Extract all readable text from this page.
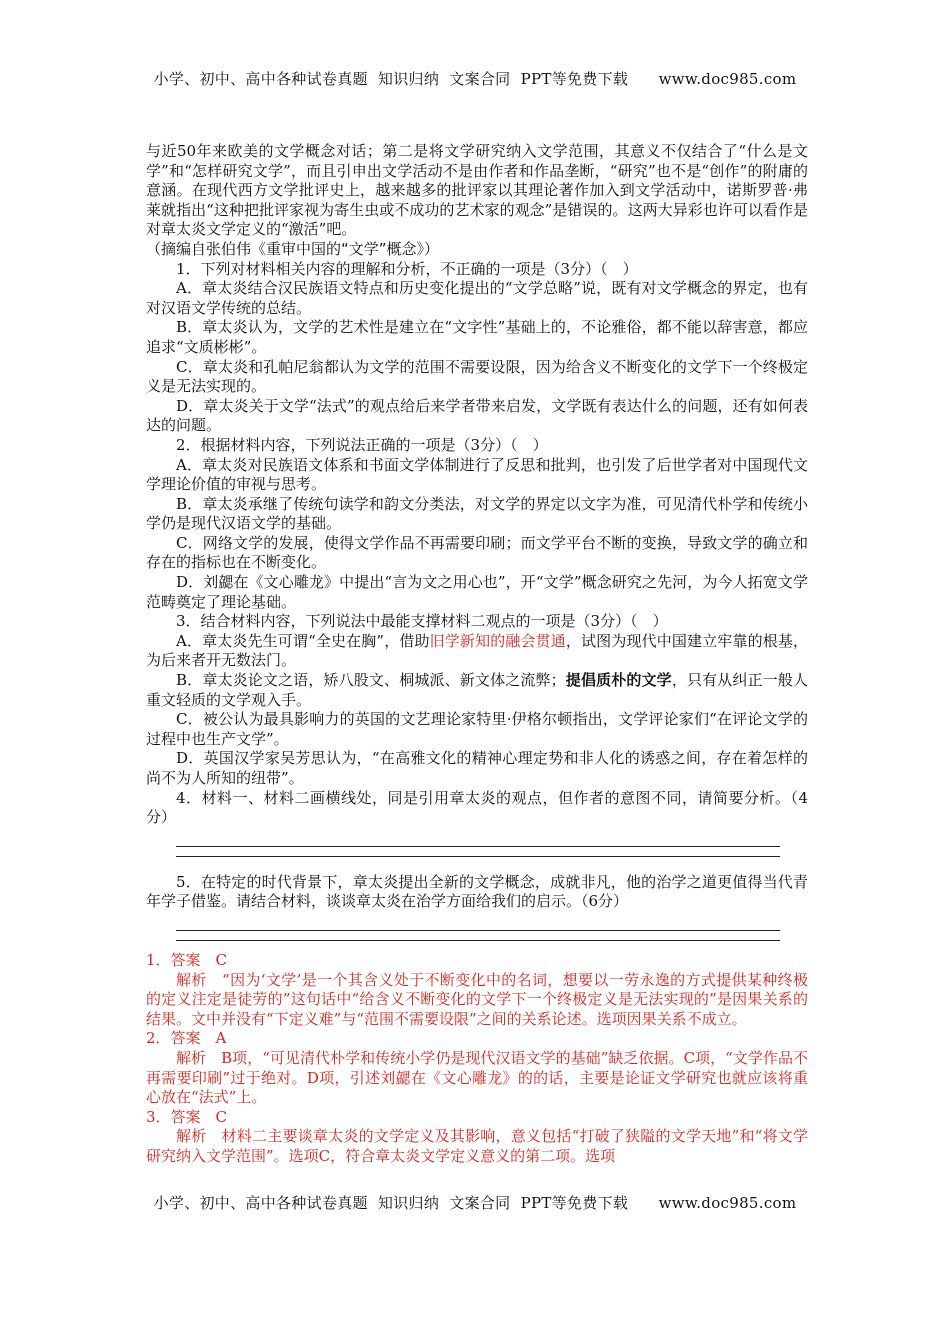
小学、初中、高中各种试卷真题  知识归纳  文案合同  PPT等免费下载      www.doc985.com

与近50年来欧美的文学概念对话；第二是将文学研究纳入文学范围，其意义不仅结合了“什么是文学”和“怎样研究文学”，而且引申出文学活动不是由作者和作品垄断，“研究”也不是“创作”的附庸的意涵。在现代西方文学批评史上，越来越多的批评家以其理论著作加入到文学活动中，诺斯罗普·弗莱就指出“这种把批评家视为寄生虫或不成功的艺术家的观念”是错误的。这两大异彩也许可以看作是对章太炎文学定义的“激活”吧。

（摘编自张伯伟《重审中国的“文学”概念》）

1．下列对材料相关内容的理解和分析，不正确的一项是（3分）（　）

A．章太炎结合汉民族语文特点和历史变化提出的“文学总略”说，既有对文学概念的界定，也有对汉语文学传统的总结。

B．章太炎认为，文学的艺术性是建立在“文字性”基础上的，不论雅俗，都不能以辞害意，都应追求“文质彬彬”。

C．章太炎和孔帕尼翁都认为文学的范围不需要设限，因为给含义不断变化的文学下一个终极定义是无法实现的。

D．章太炎关于文学“法式”的观点给后来学者带来启发，文学既有表达什么的问题，还有如何表达的问题。

2．根据材料内容，下列说法正确的一项是（3分）（　）

A．章太炎对民族语文体系和书面文学体制进行了反思和批判，也引发了后世学者对中国现代文学理论价值的审视与思考。

B．章太炎承继了传统句读学和韵文分类法，对文学的界定以文字为准，可见清代朴学和传统小学仍是现代汉语文学的基础。

C．网络文学的发展，使得文学作品不再需要印刷；而文学平台不断的变换，导致文学的确立和存在的指标也在不断变化。

D．刘勰在《文心雕龙》中提出“言为文之用心也”，开“文学”概念研究之先河，为今人拓宽文学范畴奠定了理论基础。

3．结合材料内容，下列说法中最能支撑材料二观点的一项是（3分）（　）

A．章太炎先生可谓“全史在胸”，借助旧学新知的融会贯通，试图为现代中国建立牢靠的根基，为后来者开无数法门。

B．章太炎论文之语，矫八股文、桐城派、新文体之流弊；提倡质朴的文学，只有从纠正一般人重文轻质的文学观入手。

C．被公认为最具影响力的英国的文艺理论家特里·伊格尔顿指出，文学评论家们“在评论文学的过程中也生产文学”。

D．英国汉学家吴芳思认为，“在高雅文化的精神心理定势和非人化的诱惑之间，存在着怎样的尚不为人所知的纽带”。

4．材料一、材料二画横线处，同是引用章太炎的观点，但作者的意图不同，请简要分析。（4分）

5．在特定的时代背景下，章太炎提出全新的文学概念，成就非凡，他的治学之道更值得当代青年学子借鉴。请结合材料，谈谈章太炎在治学方面给我们的启示。（6分）

1．答案　C

解析　“因为‘文学’是一个其含义处于不断变化中的名词，想要以一劳永逸的方式提供某种终极的定义注定是徒劳的”这句话中“给含义不断变化的文学下一个终极定义是无法实现的”是因果关系的结果。文中并没有“下定义难”与“范围不需要设限”之间的关系论述。选项因果关系不成立。

2．答案　A

解析　B项，“可见清代朴学和传统小学仍是现代汉语文学的基础”缺乏依据。C项，“文学作品不再需要印刷”过于绝对。D项，引述刘勰在《文心雕龙》的的话，主要是论证文学研究也就应该将重心放在“法式”上。

3．答案　C

解析　材料二主要谈章太炎的文学定义及其影响，意义包括“打破了狭隘的文学天地”和“将文学研究纳入文学范围”。选项C，符合章太炎文学定义意义的第二项。选项

小学、初中、高中各种试卷真题  知识归纳  文案合同  PPT等免费下载      www.doc985.com
